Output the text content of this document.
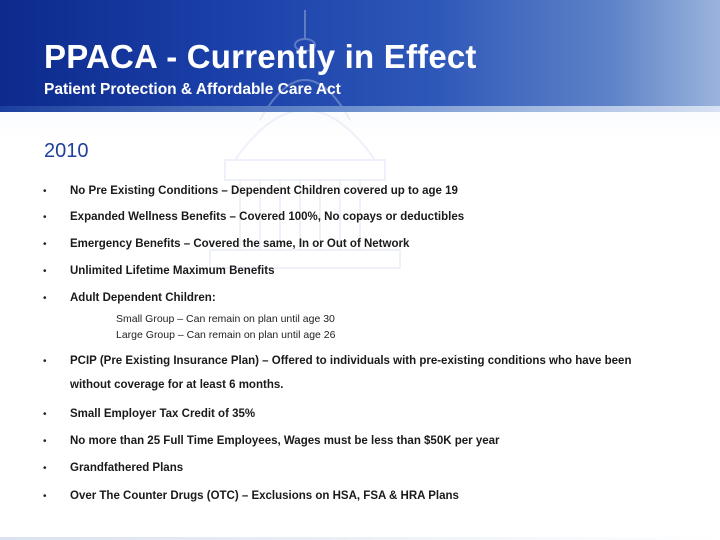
PPACA - Currently in Effect
Patient Protection & Affordable Care Act
2010
• No Pre Existing Conditions – Dependent Children covered up to age 19
• Expanded Wellness Benefits – Covered 100%, No copays or deductibles
• Emergency Benefits – Covered the same, In or Out of Network
• Unlimited Lifetime Maximum Benefits
• Adult Dependent Children:
Small Group – Can remain on plan until age 30
Large Group – Can remain on plan until age 26
• PCIP (Pre Existing Insurance Plan) – Offered to individuals with pre-existing conditions who have been
without coverage for at least 6 months.
• Small Employer Tax Credit of 35%
• No more than 25 Full Time Employees, Wages must be less than $50K per year
• Grandfathered Plans
• Over The Counter Drugs (OTC) – Exclusions on HSA, FSA & HRA Plans
